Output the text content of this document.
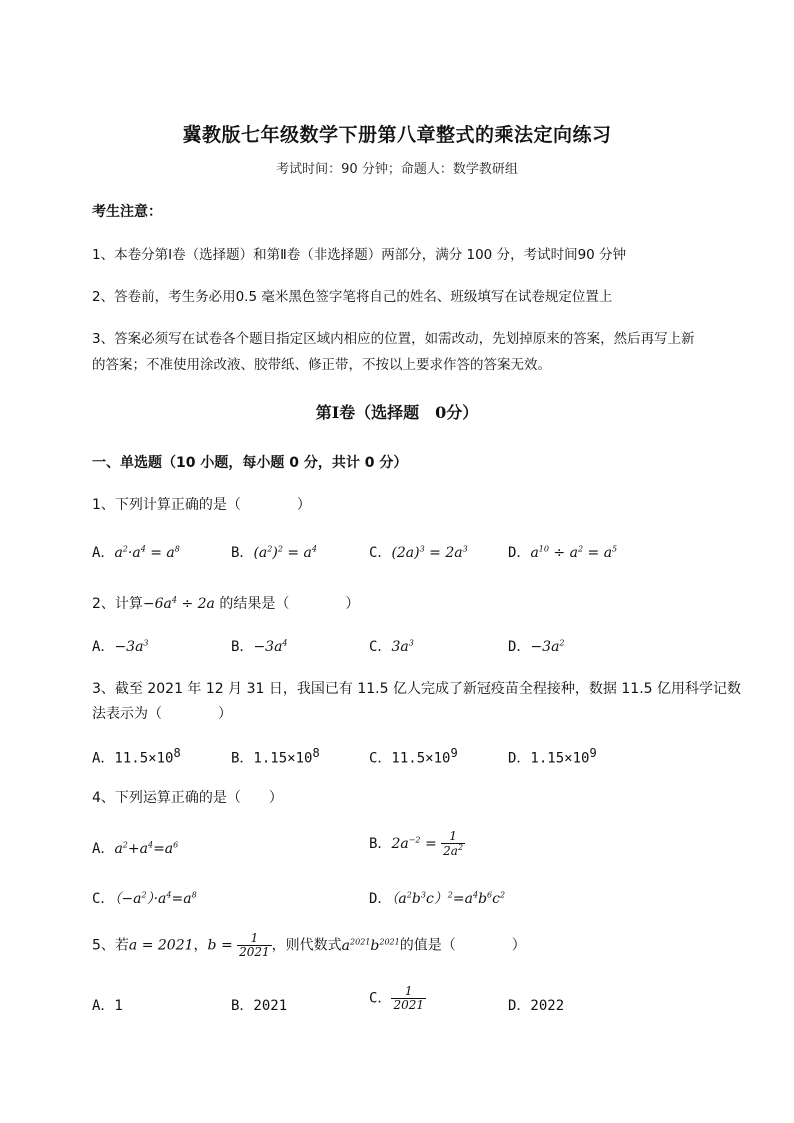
冀教版七年级数学下册第八章整式的乘法定向练习
考试时间：90 分钟；命题人：数学教研组
考生注意：
1、本卷分第Ⅰ卷（选择题）和第Ⅱ卷（非选择题）两部分，满分 100 分，考试时间90 分钟
2、答卷前，考生务必用0.5 毫米黑色签字笔将自己的姓名、班级填写在试卷规定位置上
3、答案必须写在试卷各个题目指定区域内相应的位置，如需改动，先划掉原来的答案，然后再写上新
的答案；不准使用涂改液、胶带纸、修正带，不按以上要求作答的答案无效。
第Ⅰ卷（选择题　0分）
一、单选题（10 小题，每小题 0 分，共计 0 分）
1、下列计算正确的是（　　　　）
A．$a^2\cdot a^4 = a^8$	B．$(a^2)^2 = a^4$	C．$(2a)^3 = 2a^3$	D．$a^{10} \div a^2 = a^5$
2、计算$-6a^4 \div 2a$ 的结果是（　　　　）
A．$-3a^3$	B．$-3a^4$	C．$3a^3$	D．$-3a^2$
3、截至 2021 年 12 月 31 日，我国已有 11.5 亿人完成了新冠疫苗全程接种，数据 11.5 亿用科学记数
法表示为（　　　　）
A．$11.5\times 10^8$	B．$1.15\times 10^8$	C．$11.5\times 10^9$	D．$1.15\times 10^9$
4、下列运算正确的是（　　）
A．$a^2+a^4=a^6$	B．$2a^{-2} = \frac{1}{2a^2}$
C．$(-a^2)\cdot a^4=a^8$	D．$(a^2b^3c)^2=a^4b^6c^2$
5、若a = 2021，$b = \frac{1}{2021}$ ，则代数式$a^{2021}b^{2021}$的值是（　　　　）
A．1	B．2021	C． $\frac{1}{2021}$	D．2022
